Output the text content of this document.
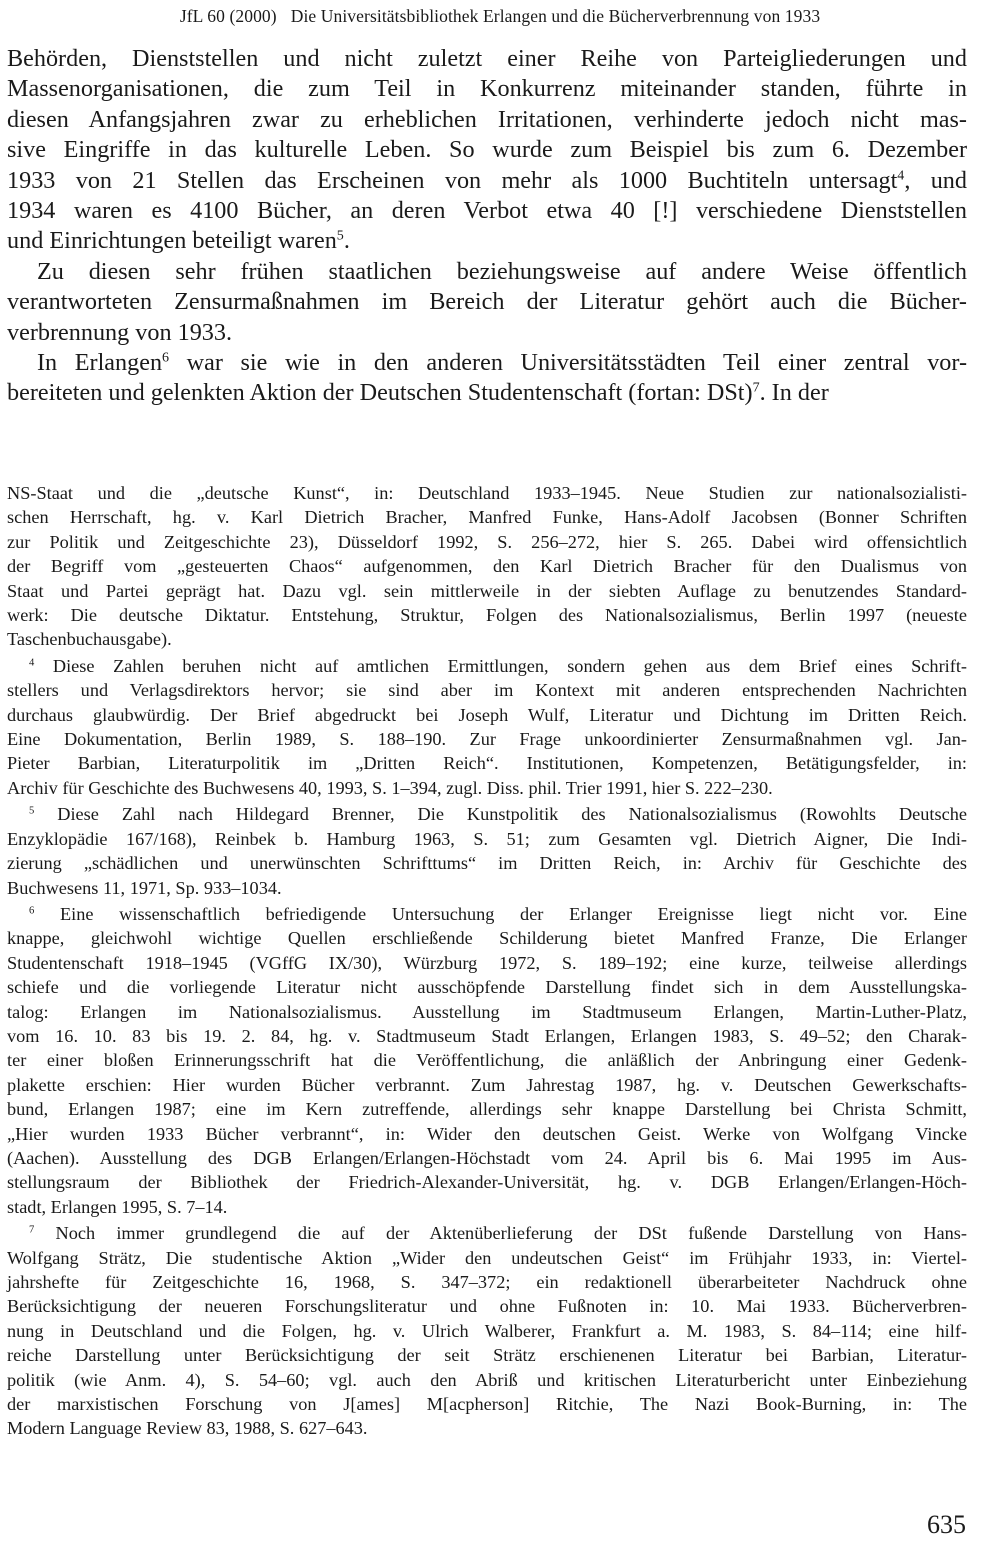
JfL 60 (2000) Die Universitätsbibliothek Erlangen und die Bücherverbrennung von 1933
Behörden, Dienststellen und nicht zuletzt einer Reihe von Parteigliederungen und
Massenorganisationen, die zum Teil in Konkurrenz miteinander standen, führte in
diesen Anfangsjahren zwar zu erheblichen Irritationen, verhinderte jedoch nicht mas-
sive Eingriffe in das kulturelle Leben. So wurde zum Beispiel bis zum 6. Dezember
1933 von 21 Stellen das Erscheinen von mehr als 1000 Buchtiteln untersagt$^4$, und
1934 waren es 4100 Bücher, an deren Verbot etwa 40 [!] verschiedene Dienststellen
und Einrichtungen beteiligt waren$^5$.
Zu diesen sehr frühen staatlichen beziehungsweise auf andere Weise öffentlich
verantworteten Zensurmaßnahmen im Bereich der Literatur gehört auch die Bücher-
verbrennung von 1933.
In Erlangen$^6$ war sie wie in den anderen Universitätsstädten Teil einer zentral vor-
bereiteten und gelenkten Aktion der Deutschen Studentenschaft (fortan: DSt)$^7$. In der
NS-Staat und die „deutsche Kunst“, in: Deutschland 1933–1945. Neue Studien zur nationalsozialisti-
schen Herrschaft, hg. v. Karl Dietrich Bracher, Manfred Funke, Hans-Adolf Jacobsen (Bonner Schriften
zur Politik und Zeitgeschichte 23), Düsseldorf 1992, S. 256–272, hier S. 265. Dabei wird offensichtlich
der Begriff vom „gesteuerten Chaos“ aufgenommen, den Karl Dietrich Bracher für den Dualismus von
Staat und Partei geprägt hat. Dazu vgl. sein mittlerweile in der siebten Auflage zu benutzendes Standard-
werk: Die deutsche Diktatur. Entstehung, Struktur, Folgen des Nationalsozialismus, Berlin 1997 (neueste
Taschenbuchausgabe).
$^4$ Diese Zahlen beruhen nicht auf amtlichen Ermittlungen, sondern gehen aus dem Brief eines Schrift-
stellers und Verlagsdirektors hervor; sie sind aber im Kontext mit anderen entsprechenden Nachrichten
durchaus glaubwürdig. Der Brief abgedruckt bei Joseph Wulf, Literatur und Dichtung im Dritten Reich.
Eine Dokumentation, Berlin 1989, S. 188–190. Zur Frage unkoordinierter Zensurmaßnahmen vgl. Jan-
Pieter Barbian, Literaturpolitik im „Dritten Reich“. Institutionen, Kompetenzen, Betätigungsfelder, in:
Archiv für Geschichte des Buchwesens 40, 1993, S. 1–394, zugl. Diss. phil. Trier 1991, hier S. 222–230.
$^5$ Diese Zahl nach Hildegard Brenner, Die Kunstpolitik des Nationalsozialismus (Rowohlts Deutsche
Enzyklopädie 167/168), Reinbek b. Hamburg 1963, S. 51; zum Gesamten vgl. Dietrich Aigner, Die Indi-
zierung „schädlichen und unerwünschten Schrifttums“ im Dritten Reich, in: Archiv für Geschichte des
Buchwesens 11, 1971, Sp. 933–1034.
$^6$ Eine wissenschaftlich befriedigende Untersuchung der Erlanger Ereignisse liegt nicht vor. Eine
knappe, gleichwohl wichtige Quellen erschließende Schilderung bietet Manfred Franze, Die Erlanger
Studentenschaft 1918–1945 (VGffG IX/30), Würzburg 1972, S. 189–192; eine kurze, teilweise allerdings
schiefe und die vorliegende Literatur nicht ausschöpfende Darstellung findet sich in dem Ausstellungska-
talog: Erlangen im Nationalsozialismus. Ausstellung im Stadtmuseum Erlangen, Martin-Luther-Platz,
vom 16. 10. 83 bis 19. 2. 84, hg. v. Stadtmuseum Stadt Erlangen, Erlangen 1983, S. 49–52; den Charak-
ter einer bloßen Erinnerungsschrift hat die Veröffentlichung, die anläßlich der Anbringung einer Gedenk-
plakette erschien: Hier wurden Bücher verbrannt. Zum Jahrestag 1987, hg. v. Deutschen Gewerkschafts-
bund, Erlangen 1987; eine im Kern zutreffende, allerdings sehr knappe Darstellung bei Christa Schmitt,
„Hier wurden 1933 Bücher verbrannt“, in: Wider den deutschen Geist. Werke von Wolfgang Vincke
(Aachen). Ausstellung des DGB Erlangen/Erlangen-Höchstadt vom 24. April bis 6. Mai 1995 im Aus-
stellungsraum der Bibliothek der Friedrich-Alexander-Universität, hg. v. DGB Erlangen/Erlangen-Höch-
stadt, Erlangen 1995, S. 7–14.
$^7$ Noch immer grundlegend die auf der Aktenüberlieferung der DSt fußende Darstellung von Hans-
Wolfgang Strätz, Die studentische Aktion „Wider den undeutschen Geist“ im Frühjahr 1933, in: Viertel-
jahrshefte für Zeitgeschichte 16, 1968, S. 347–372; ein redaktionell überarbeiteter Nachdruck ohne
Berücksichtigung der neueren Forschungsliteratur und ohne Fußnoten in: 10. Mai 1933. Bücherverbren-
nung in Deutschland und die Folgen, hg. v. Ulrich Walberer, Frankfurt a. M. 1983, S. 84–114; eine hilf-
reiche Darstellung unter Berücksichtigung der seit Strätz erschienenen Literatur bei Barbian, Literatur-
politik (wie Anm. 4), S. 54–60; vgl. auch den Abriß und kritischen Literaturbericht unter Einbeziehung
der marxistischen Forschung von J[ames] M[acpherson] Ritchie, The Nazi Book-Burning, in: The
Modern Language Review 83, 1988, S. 627–643.
635
